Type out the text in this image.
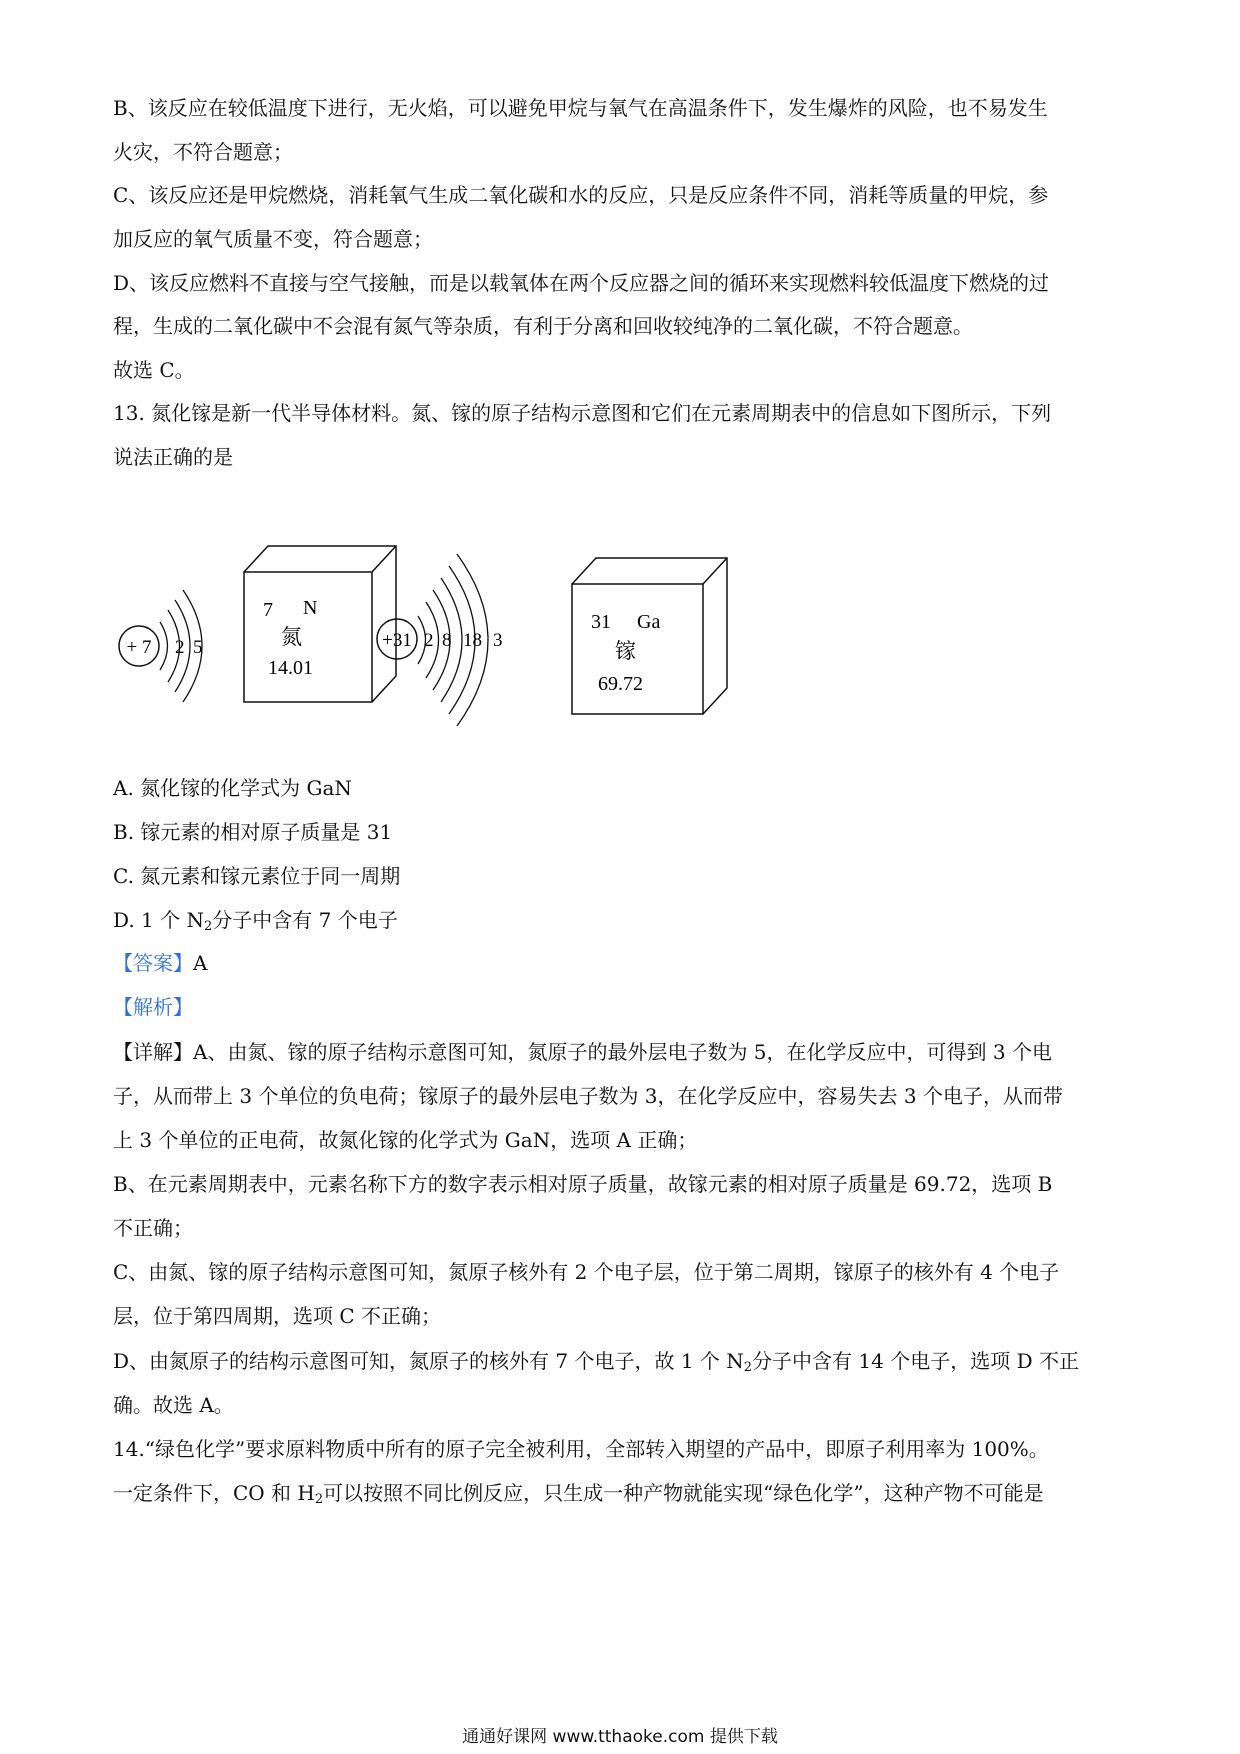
B、该反应在较低温度下进行，无火焰，可以避免甲烷与氧气在高温条件下，发生爆炸的风险，也不易发生
火灾，不符合题意；
C、该反应还是甲烷燃烧，消耗氧气生成二氧化碳和水的反应，只是反应条件不同，消耗等质量的甲烷，参
加反应的氧气质量不变，符合题意；
D、该反应燃料不直接与空气接触，而是以载氧体在两个反应器之间的循环来实现燃料较低温度下燃烧的过
程，生成的二氧化碳中不会混有氮气等杂质，有利于分离和回收较纯净的二氧化碳，不符合题意。
故选 C。
13. 氮化镓是新一代半导体材料。氮、镓的原子结构示意图和它们在元素周期表中的信息如下图所示，下列
说法正确的是
+ 7 2 5
7 N
氮
14.01
+31 2 8 18 3
31 Ga
镓
69.72
A. 氮化镓的化学式为 GaN
B. 镓元素的相对原子质量是 31
C. 氮元素和镓元素位于同一周期
D. 1 个 $N_2$分子中含有 7 个电子
【答案】A
【解析】
【详解】A、由氮、镓的原子结构示意图可知，氮原子的最外层电子数为 5，在化学反应中，可得到 3 个电
子，从而带上 3 个单位的负电荷；镓原子的最外层电子数为 3，在化学反应中，容易失去 3 个电子，从而带
上 3 个单位的正电荷，故氮化镓的化学式为 GaN，选项 A 正确；
B、在元素周期表中，元素名称下方的数字表示相对原子质量，故镓元素的相对原子质量是 69.72，选项 B
不正确；
C、由氮、镓的原子结构示意图可知，氮原子核外有 2 个电子层，位于第二周期，镓原子的核外有 4 个电子
层，位于第四周期，选项 C 不正确；
D、由氮原子的结构示意图可知，氮原子的核外有 7 个电子，故 1 个 $N_2$分子中含有 14 个电子，选项 D 不正
确。故选 A。
14.“绿色化学”要求原料物质中所有的原子完全被利用，全部转入期望的产品中，即原子利用率为 100%。
一定条件下，CO 和 $H_2$可以按照不同比例反应，只生成一种产物就能实现“绿色化学”，这种产物不可能是
通通好课网 www.tthaoke.com 提供下载
